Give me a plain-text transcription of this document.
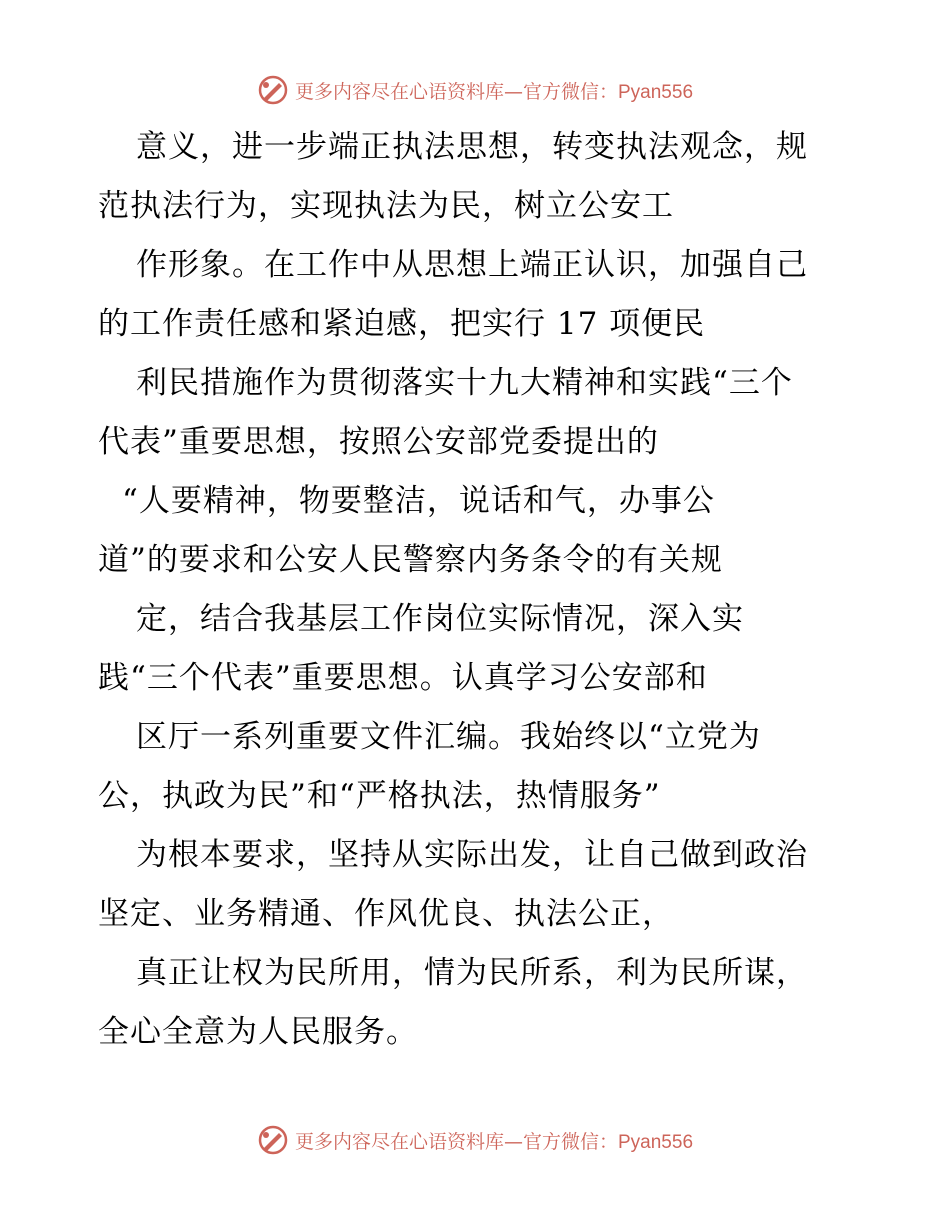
更多内容尽在心语资料库—官方微信：Pyan556
意义，进一步端正执法思想，转变执法观念，规
范执法行为，实现执法为民，树立公安工
作形象。在工作中从思想上端正认识，加强自己
的工作责任感和紧迫感，把实行 17 项便民
利民措施作为贯彻落实十九大精神和实践“三个
代表”重要思想，按照公安部党委提出的
“人要精神，物要整洁，说话和气，办事公
道”的要求和公安人民警察内务条令的有关规
定，结合我基层工作岗位实际情况，深入实
践“三个代表”重要思想。认真学习公安部和
区厅一系列重要文件汇编。我始终以“立党为
公，执政为民”和“严格执法，热情服务”
为根本要求，坚持从实际出发，让自己做到政治
坚定、业务精通、作风优良、执法公正，
真正让权为民所用，情为民所系，利为民所谋，
全心全意为人民服务。
更多内容尽在心语资料库—官方微信：Pyan556
